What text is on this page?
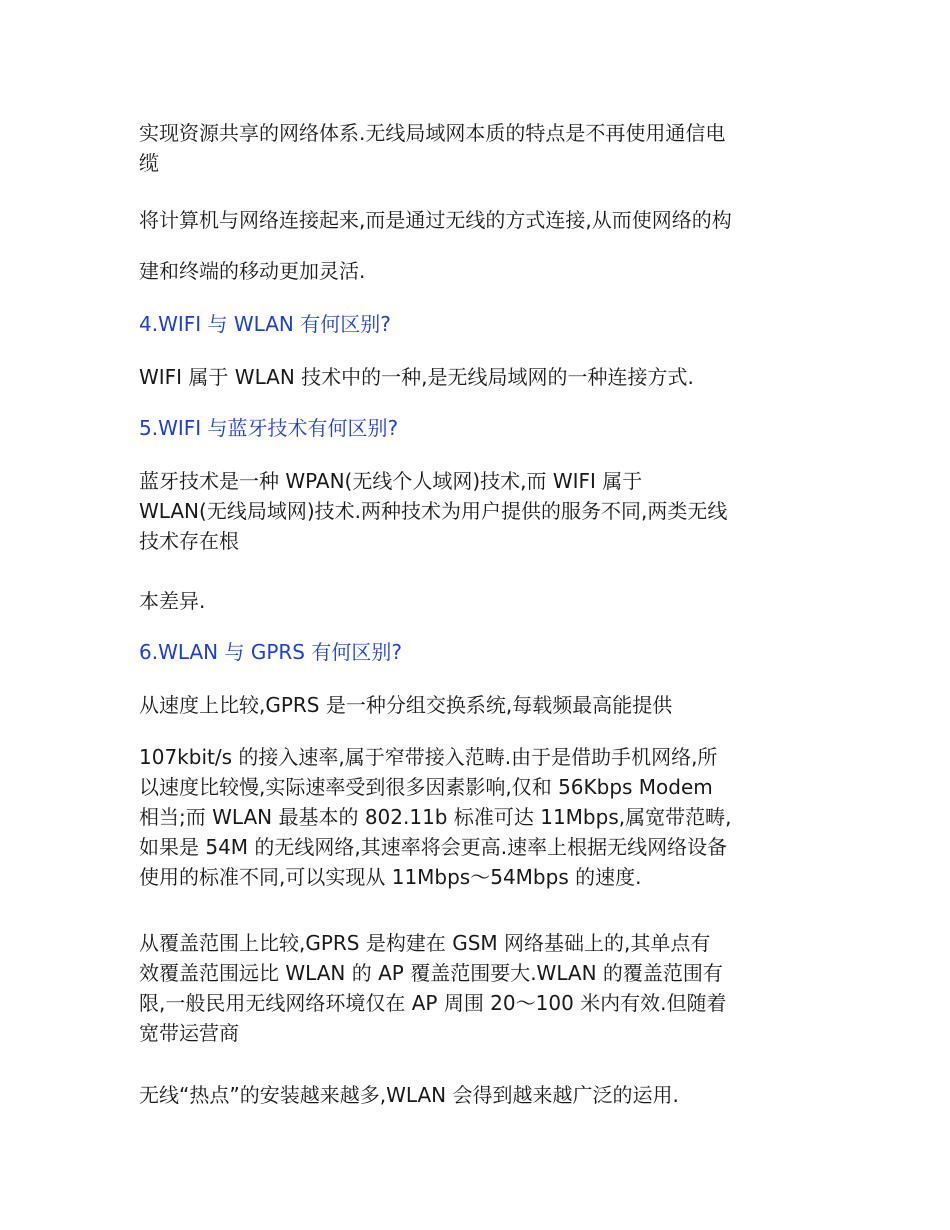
实现资源共享的网络体系.无线局域网本质的特点是不再使用通信电
缆
将计算机与网络连接起来,而是通过无线的方式连接,从而使网络的构
建和终端的移动更加灵活.
4.WIFI 与 WLAN 有何区别?
WIFI 属于 WLAN 技术中的一种,是无线局域网的一种连接方式.
5.WIFI 与蓝牙技术有何区别?
蓝牙技术是一种 WPAN(无线个人域网)技术,而 WIFI 属于
WLAN(无线局域网)技术.两种技术为用户提供的服务不同,两类无线
技术存在根
本差异.
6.WLAN 与 GPRS 有何区别?
从速度上比较,GPRS 是一种分组交换系统,每载频最高能提供
107kbit/s 的接入速率,属于窄带接入范畴.由于是借助手机网络,所
以速度比较慢,实际速率受到很多因素影响,仅和 56Kbps Modem
相当;而 WLAN 最基本的 802.11b 标准可达 11Mbps,属宽带范畴,
如果是 54M 的无线网络,其速率将会更高.速率上根据无线网络设备
使用的标准不同,可以实现从 11Mbps～54Mbps 的速度.
从覆盖范围上比较,GPRS 是构建在 GSM 网络基础上的,其单点有
效覆盖范围远比 WLAN 的 AP 覆盖范围要大.WLAN 的覆盖范围有
限,一般民用无线网络环境仅在 AP 周围 20～100 米内有效.但随着
宽带运营商
无线“热点”的安装越来越多,WLAN 会得到越来越广泛的运用.
